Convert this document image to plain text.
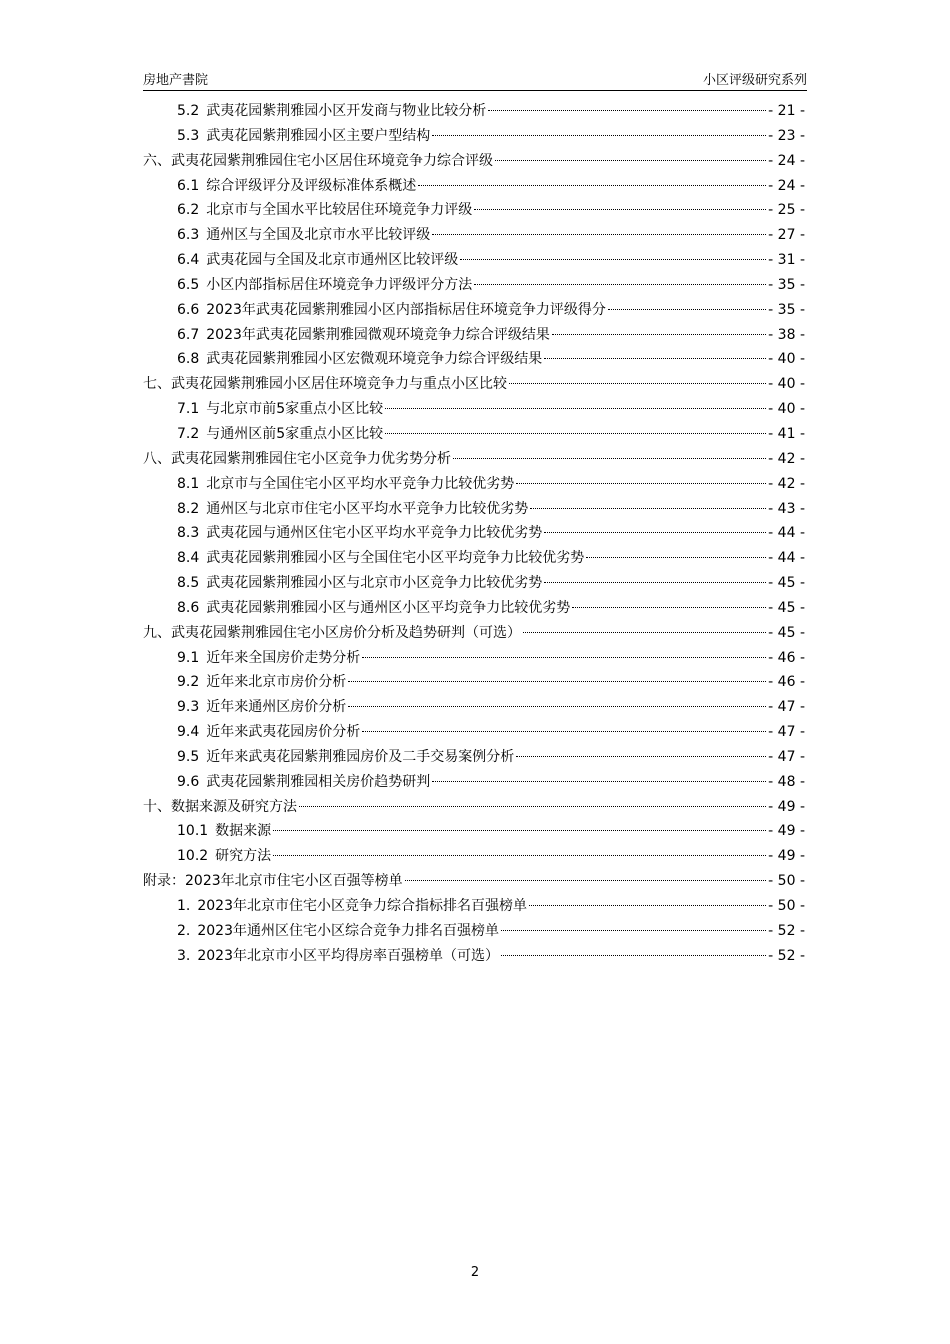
房地产書院	小区评级研究系列
5.2 武夷花园紫荆雅园小区开发商与物业比较分析	- 21 -
5.3 武夷花园紫荆雅园小区主要户型结构	- 23 -
六、武夷花园紫荆雅园住宅小区居住环境竞争力综合评级	- 24 -
6.1 综合评级评分及评级标准体系概述	- 24 -
6.2 北京市与全国水平比较居住环境竞争力评级	- 25 -
6.3 通州区与全国及北京市水平比较评级	- 27 -
6.4 武夷花园与全国及北京市通州区比较评级	- 31 -
6.5 小区内部指标居住环境竞争力评级评分方法	- 35 -
6.6 2023年武夷花园紫荆雅园小区内部指标居住环境竞争力评级得分	- 35 -
6.7 2023年武夷花园紫荆雅园微观环境竞争力综合评级结果	- 38 -
6.8 武夷花园紫荆雅园小区宏微观环境竞争力综合评级结果	- 40 -
七、武夷花园紫荆雅园小区居住环境竞争力与重点小区比较	- 40 -
7.1 与北京市前5家重点小区比较	- 40 -
7.2 与通州区前5家重点小区比较	- 41 -
八、武夷花园紫荆雅园住宅小区竞争力优劣势分析	- 42 -
8.1 北京市与全国住宅小区平均水平竞争力比较优劣势	- 42 -
8.2 通州区与北京市住宅小区平均水平竞争力比较优劣势	- 43 -
8.3 武夷花园与通州区住宅小区平均水平竞争力比较优劣势	- 44 -
8.4 武夷花园紫荆雅园小区与全国住宅小区平均竞争力比较优劣势	- 44 -
8.5 武夷花园紫荆雅园小区与北京市小区竞争力比较优劣势	- 45 -
8.6 武夷花园紫荆雅园小区与通州区小区平均竞争力比较优劣势	- 45 -
九、武夷花园紫荆雅园住宅小区房价分析及趋势研判（可选）	- 45 -
9.1 近年来全国房价走势分析	- 46 -
9.2 近年来北京市房价分析	- 46 -
9.3 近年来通州区房价分析	- 47 -
9.4 近年来武夷花园房价分析	- 47 -
9.5 近年来武夷花园紫荆雅园房价及二手交易案例分析	- 47 -
9.6 武夷花园紫荆雅园相关房价趋势研判	- 48 -
十、数据来源及研究方法	- 49 -
10.1 数据来源	- 49 -
10.2 研究方法	- 49 -
附录：2023年北京市住宅小区百强等榜单	- 50 -
1. 2023年北京市住宅小区竞争力综合指标排名百强榜单	- 50 -
2. 2023年通州区住宅小区综合竞争力排名百强榜单	- 52 -
3. 2023年北京市小区平均得房率百强榜单（可选）	- 52 -
2
